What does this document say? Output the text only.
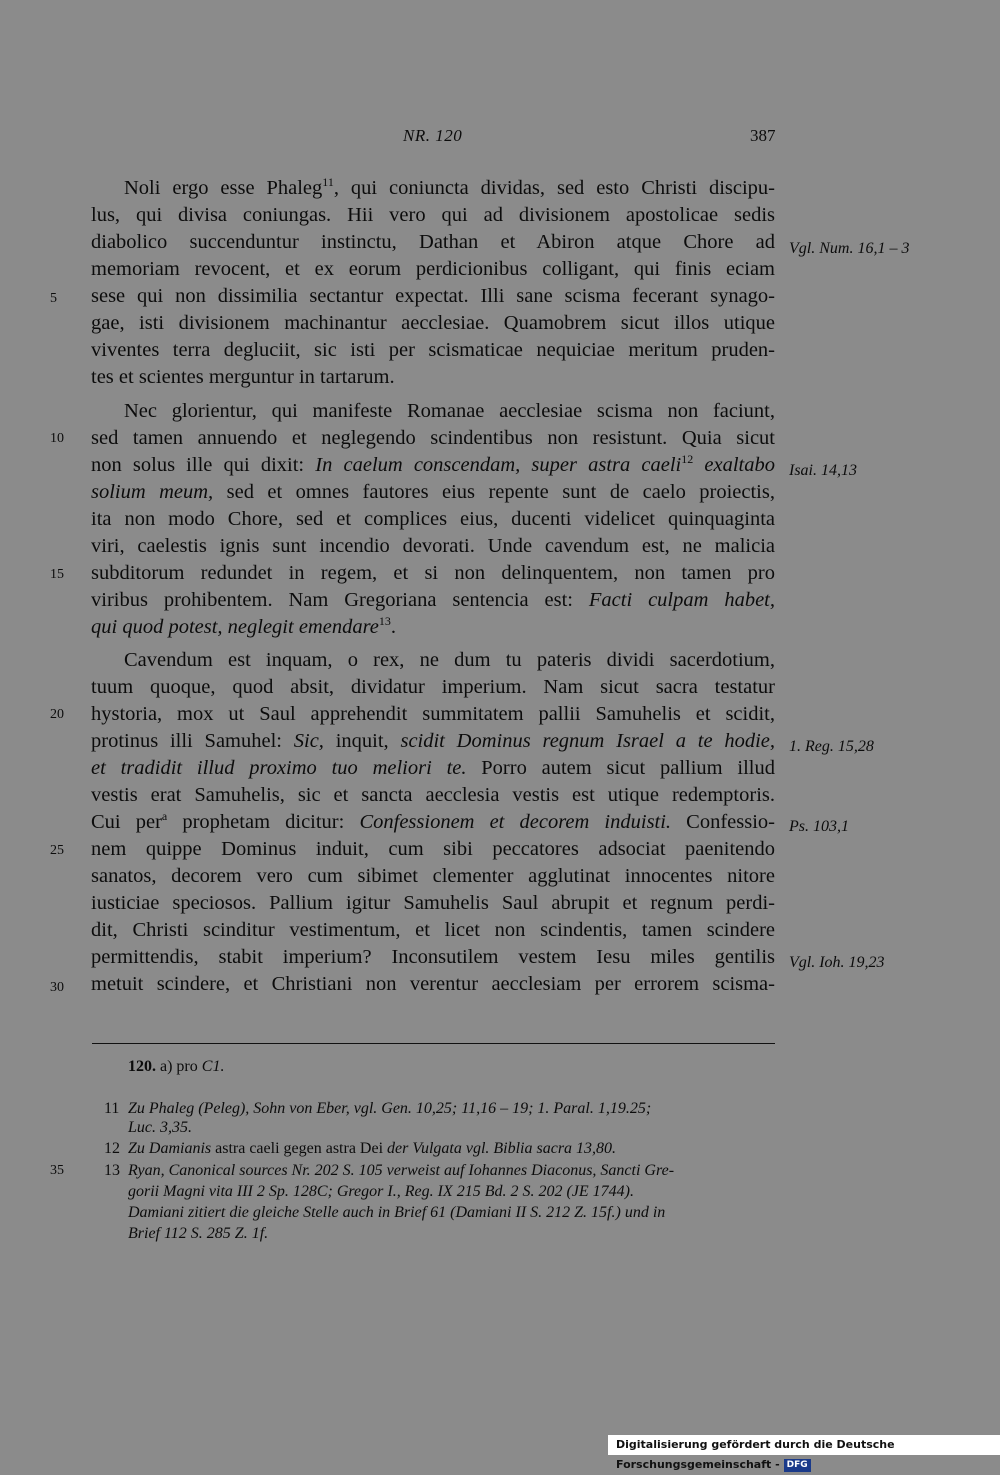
NR. 120	387
Noli ergo esse Phaleg$^{11}$, qui coniuncta dividas, sed esto Christi discipu-
lus, qui divisa coniungas. Hii vero qui ad divisionem apostolicae sedis
diabolico succenduntur instinctu, Dathan et Abiron atque Chore ad
memoriam revocent, et ex eorum perdicionibus colligant, qui finis eciam
sese qui non dissimilia sectantur expectat. Illi sane scisma fecerant synago-
gae, isti divisionem machinantur aecclesiae. Quamobrem sicut illos utique
viventes terra degluciit, sic isti per scismaticae nequiciae meritum pruden-
tes et scientes merguntur in tartarum.
Nec glorientur, qui manifeste Romanae aecclesiae scisma non faciunt,
sed tamen annuendo et neglegendo scindentibus non resistunt. Quia sicut
non solus ille qui dixit: In caelum conscendam, super astra caeli$^{12}$ exaltabo
solium meum, sed et omnes fautores eius repente sunt de caelo proiectis,
ita non modo Chore, sed et complices eius, ducenti videlicet quinquaginta
viri, caelestis ignis sunt incendio devorati. Unde cavendum est, ne malicia
subditorum redundet in regem, et si non delinquentem, non tamen pro
viribus prohibentem. Nam Gregoriana sentencia est: Facti culpam habet,
qui quod potest, neglegit emendare$^{13}$.
Cavendum est inquam, o rex, ne dum tu pateris dividi sacerdotium,
tuum quoque, quod absit, dividatur imperium. Nam sicut sacra testatur
hystoria, mox ut Saul apprehendit summitatem pallii Samuhelis et scidit,
protinus illi Samuhel: Sic, inquit, scidit Dominus regnum Israel a te hodie,
et tradidit illud proximo tuo meliori te. Porro autem sicut pallium illud
vestis erat Samuhelis, sic et sancta aecclesia vestis est utique redemptoris.
Cui per$^a$ prophetam dicitur: Confessionem et decorem induisti. Confessio-
nem quippe Dominus induit, cum sibi peccatores adsociat paenitendo
sanatos, decorem vero cum sibimet clementer agglutinat innocentes nitore
iusticiae speciosos. Pallium igitur Samuhelis Saul abrupit et regnum perdi-
dit, Christi scinditur vestimentum, et licet non scindentis, tamen scindere
permittendis, stabit imperium? Inconsutilem vestem Iesu miles gentilis
metuit scindere, et Christiani non verentur aecclesiam per errorem scisma-
5
10
15
20
25
30
35
Vgl. Num. 16,1 – 3
Isai. 14,13
1. Reg. 15,28
Ps. 103,1
Vgl. Ioh. 19,23
120. a) pro C1.
11 Zu Phaleg (Peleg), Sohn von Eber, vgl. Gen. 10,25; 11,16 – 19; 1. Paral. 1,19.25;
Luc. 3,35.
12 Zu Damianis astra caeli gegen astra Dei der Vulgata vgl. Biblia sacra 13,80.
13 Ryan, Canonical sources Nr. 202 S. 105 verweist auf Iohannes Diaconus, Sancti Gre-
gorii Magni vita III 2 Sp. 128C; Gregor I., Reg. IX 215 Bd. 2 S. 202 (JE 1744).
Damiani zitiert die gleiche Stelle auch in Brief 61 (Damiani II S. 212 Z. 15f.) und in
Brief 112 S. 285 Z. 1f.
Digitalisierung gefördert durch die Deutsche Forschungsgemeinschaft - DFG
